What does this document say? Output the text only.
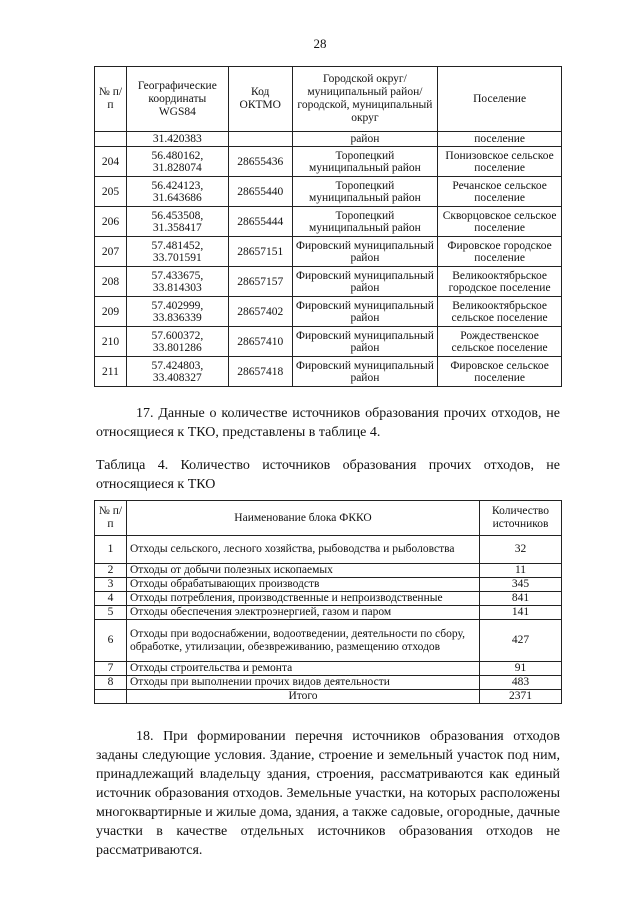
28
№ п/п	Географические координаты WGS84	Код ОКТМО	Городской округ/ муниципальный район/городской, муниципальный округ	Поселение
	31.420383		район	поселение
204	56.480162, 31.828074	28655436	Торопецкий муниципальный район	Понизовское сельское поселение
205	56.424123, 31.643686	28655440	Торопецкий муниципальный район	Речанское сельское поселение
206	56.453508, 31.358417	28655444	Торопецкий муниципальный район	Скворцовское сельское поселение
207	57.481452, 33.701591	28657151	Фировский муниципальный район	Фировское городское поселение
208	57.433675, 33.814303	28657157	Фировский муниципальный район	Великооктябрьское городское поселение
209	57.402999, 33.836339	28657402	Фировский муниципальный район	Великооктябрьское сельское поселение
210	57.600372, 33.801286	28657410	Фировский муниципальный район	Рождественское сельское поселение
211	57.424803, 33.408327	28657418	Фировский муниципальный район	Фировское сельское поселение
17. Данные о количестве источников образования прочих отходов, не относящиеся к ТКО, представлены в таблице 4.
Таблица 4. Количество источников образования прочих отходов, не относящиеся к ТКО
№ п/п	Наименование блока ФККО	Количество источников
1	Отходы сельского, лесного хозяйства, рыбоводства и рыболовства	32
2	Отходы от добычи полезных ископаемых	11
3	Отходы обрабатывающих производств	345
4	Отходы потребления, производственные и непроизводственные	841
5	Отходы обеспечения электроэнергией, газом и паром	141
6	Отходы при водоснабжении, водоотведении, деятельности по сбору, обработке, утилизации, обезвреживанию, размещению отходов	427
7	Отходы строительства и ремонта	91
8	Отходы при выполнении прочих видов деятельности	483
	Итого	2371
18. При формировании перечня источников образования отходов заданы следующие условия. Здание, строение и земельный участок под ним, принадлежащий владельцу здания, строения, рассматриваются как единый источник образования отходов. Земельные участки, на которых расположены многоквартирные и жилые дома, здания, а также садовые, огородные, дачные участки в качестве отдельных источников образования отходов не рассматриваются.
